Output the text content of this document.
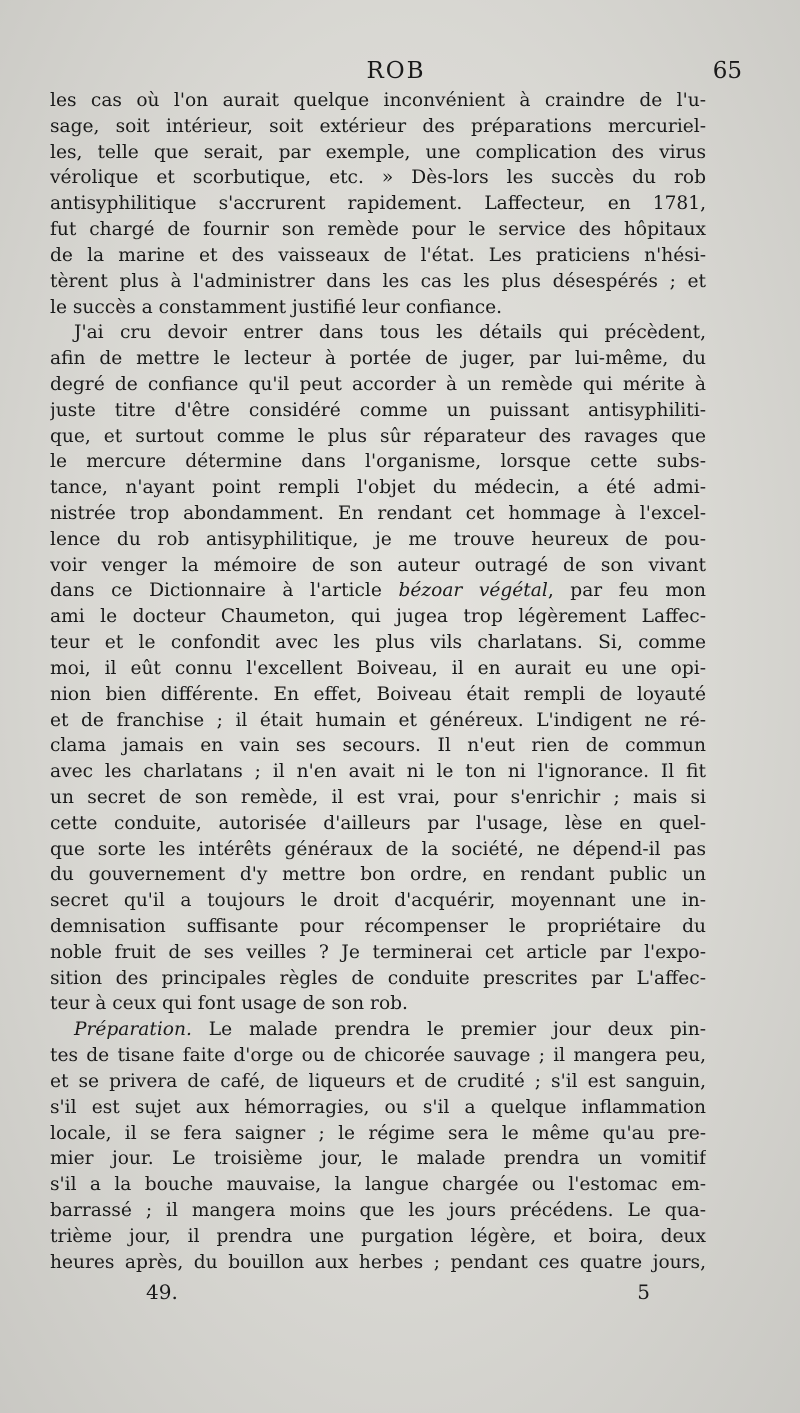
ROB	65
les cas où l'on aurait quelque inconvénient à craindre de l'u-
sage, soit intérieur, soit extérieur des préparations mercuriel-
les, telle que serait, par exemple, une complication des virus
vérolique et scorbutique, etc. » Dès-lors les succès du rob
antisyphilitique s'accrurent rapidement. Laffecteur, en 1781,
fut chargé de fournir son remède pour le service des hôpitaux
de la marine et des vaisseaux de l'état. Les praticiens n'hési-
tèrent plus à l'administrer dans les cas les plus désespérés ; et
le succès a constamment justifié leur confiance.
J'ai cru devoir entrer dans tous les détails qui précèdent,
afin de mettre le lecteur à portée de juger, par lui-même, du
degré de confiance qu'il peut accorder à un remède qui mérite à
juste titre d'être considéré comme un puissant antisyphiliti-
que, et surtout comme le plus sûr réparateur des ravages que
le mercure détermine dans l'organisme, lorsque cette subs-
tance, n'ayant point rempli l'objet du médecin, a été admi-
nistrée trop abondamment. En rendant cet hommage à l'excel-
lence du rob antisyphilitique, je me trouve heureux de pou-
voir venger la mémoire de son auteur outragé de son vivant
dans ce Dictionnaire à l'article bézoar végétal, par feu mon
ami le docteur Chaumeton, qui jugea trop légèrement Laffec-
teur et le confondit avec les plus vils charlatans. Si, comme
moi, il eût connu l'excellent Boiveau, il en aurait eu une opi-
nion bien différente. En effet, Boiveau était rempli de loyauté
et de franchise ; il était humain et généreux. L'indigent ne ré-
clama jamais en vain ses secours. Il n'eut rien de commun
avec les charlatans ; il n'en avait ni le ton ni l'ignorance. Il fit
un secret de son remède, il est vrai, pour s'enrichir ; mais si
cette conduite, autorisée d'ailleurs par l'usage, lèse en quel-
que sorte les intérêts généraux de la société, ne dépend-il pas
du gouvernement d'y mettre bon ordre, en rendant public un
secret qu'il a toujours le droit d'acquérir, moyennant une in-
demnisation suffisante pour récompenser le propriétaire du
noble fruit de ses veilles ? Je terminerai cet article par l'expo-
sition des principales règles de conduite prescrites par L'affec-
teur à ceux qui font usage de son rob.
Préparation. Le malade prendra le premier jour deux pin-
tes de tisane faite d'orge ou de chicorée sauvage ; il mangera peu,
et se privera de café, de liqueurs et de crudité ; s'il est sanguin,
s'il est sujet aux hémorragies, ou s'il a quelque inflammation
locale, il se fera saigner ; le régime sera le même qu'au pre-
mier jour. Le troisième jour, le malade prendra un vomitif
s'il a la bouche mauvaise, la langue chargée ou l'estomac em-
barrassé ; il mangera moins que les jours précédens. Le qua-
trième jour, il prendra une purgation légère, et boira, deux
heures après, du bouillon aux herbes ; pendant ces quatre jours,
49.	5
